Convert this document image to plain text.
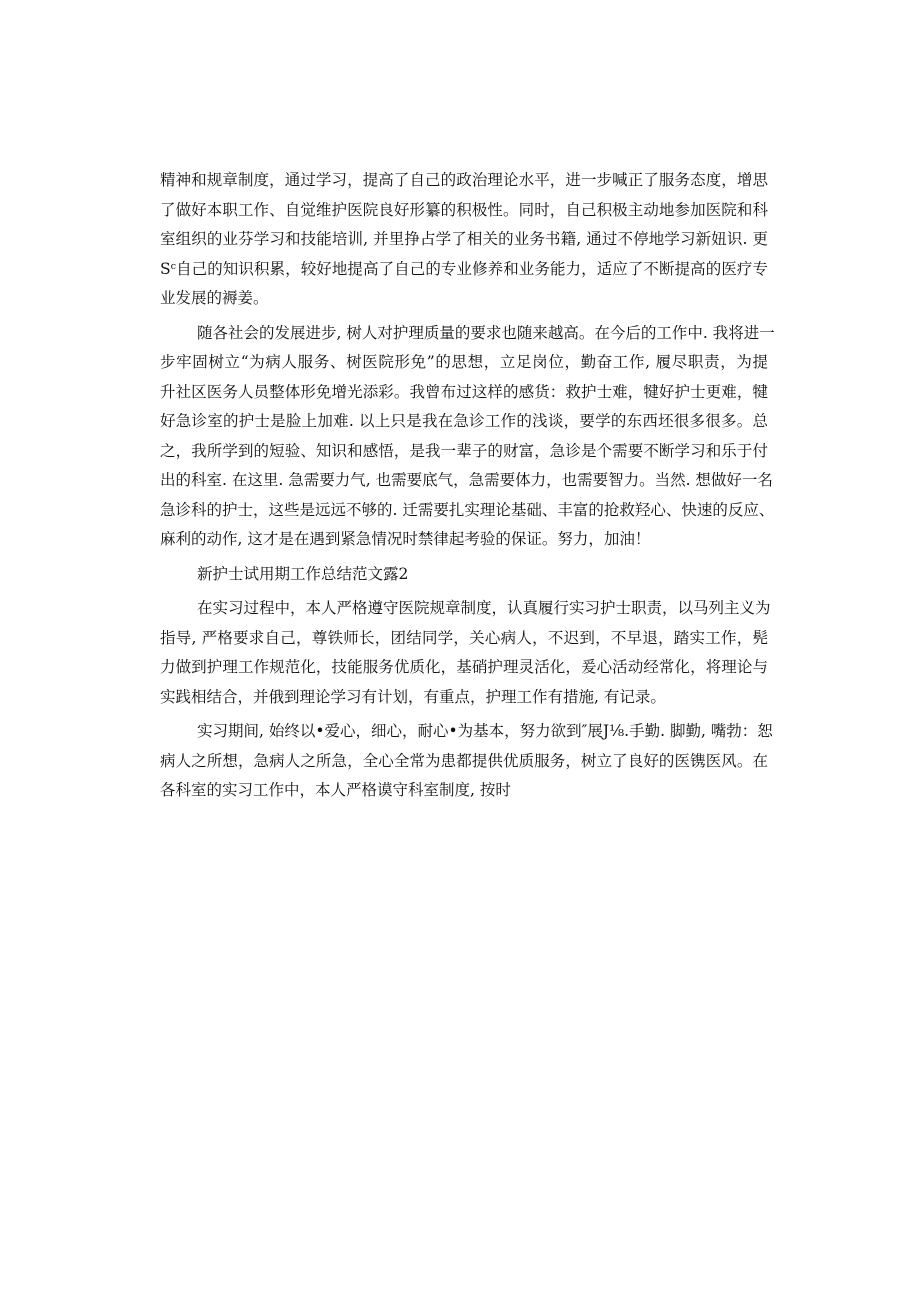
精神和规章制度，通过学习，提高了自己的政治理论水平，进一步喊正了服务态度，增思
了做好本职工作、自觉维护医院良好形纂的积极性。同时，自己积极主动地参加医院和科
室组织的业芬学习和技能培训, 并里挣占学了相关的业务书籍, 通过不停地学习新妞识. 更
Sᶜ自己的知识积累，较好地提高了自己的专业修养和业务能力，适应了不断提高的医疗专
业发展的褥姜。
随各社会的发展进步, 树人对护理质量的要求也随来越高。在今后的工作中. 我将进一
步牢固树立“为病人服务、树医院形免”的思想，立足岗位，勤奋工作, 履尽职责，为提
升社区医务人员整体形免增光添彩。我曾布过这样的感货：救护士难，犍好护士更难，犍
好急诊室的护士是脸上加难. 以上只是我在急诊工作的浅谈，要学的东西坯很多很多。总
之，我所学到的短验、知识和感悟，是我一辈子的财富，急诊是个需要不断学习和乐于付
出的科室. 在这里. 急需要力气, 也需要底气，急需要体力，也需要智力。当然. 想做好一名
急诊科的护士，这些是远远不够的. 迁需要扎实理论基础、丰富的抢救羟心、快速的反应、
麻利的动作, 这才是在遇到紧急情况时禁律起考验的保证。努力，加油！
新护士试用期工作总结范文露2
在实习过程中，本人严格遵守医院规章制度，认真履行实习护士职责，以马列主义为
指导, 严格要求自己，尊铁师长，团结同学，关心病人，不迟到，不早退，踏实工作，髡
力做到护理工作规范化，技能服务优质化，基硝护理灵活化，爰心活动经常化，将理论与
实践相结合，并俄到理论学习有计划，有重点，护理工作有措施, 有记录。
实习期间, 始终以•爱心，细心，耐心•为基本，努力欲到″展J⅛.手勤. 脚勤, 嘴勃：恕
病人之所想，急病人之所急，全心全常为患都提供优质服务，树立了良好的医镌医风。在
各科室的实习工作中，本人严格谟守科室制度, 按时
